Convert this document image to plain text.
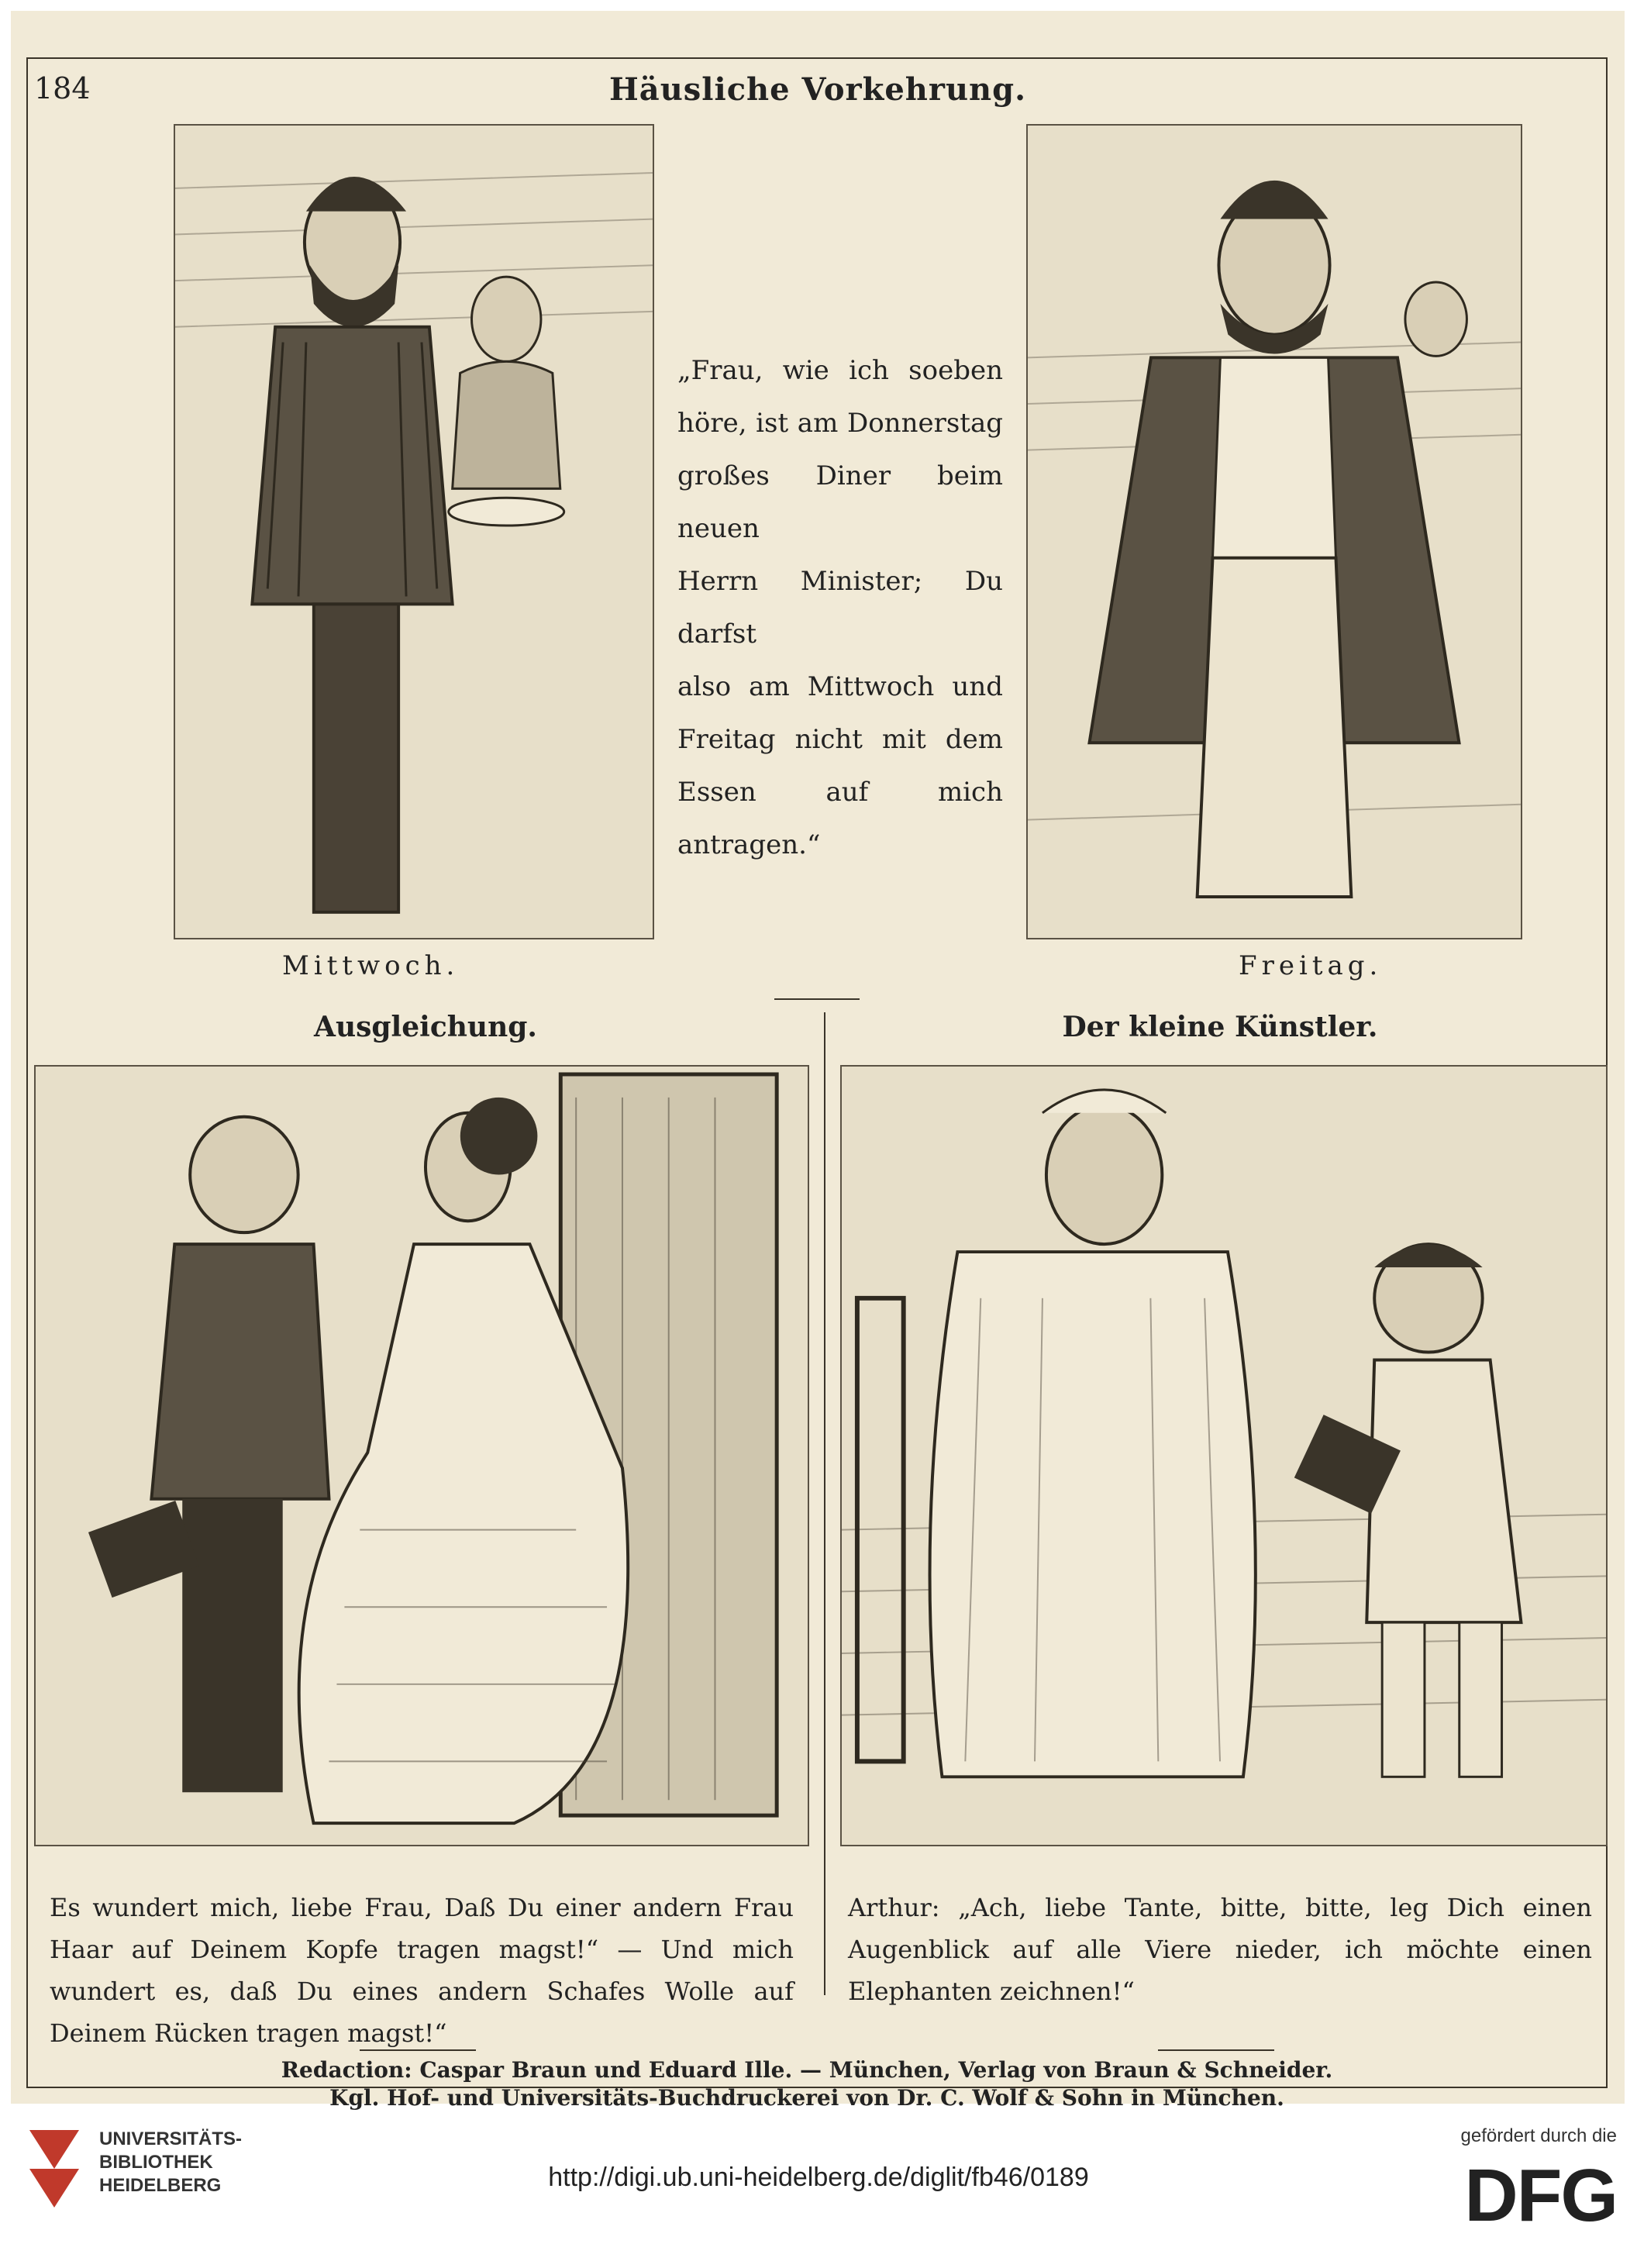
184	Häusliche Vorkehrung.
Mittwoch.
„Frau, wie ich soeben
höre, ist am Donnerstag
großes Diner beim neuen
Herrn Minister; Du darfst
also am Mittwoch und
Freitag nicht mit dem
Essen auf mich antragen.“
Freitag.
Ausgleichung.	Der kleine Künstler.
Es wundert mich, liebe Frau, Daß Du einer andern Frau Haar auf Deinem Kopfe tragen magst!“ — Und mich wundert es, daß Du eines andern Schafes Wolle auf Deinem Rücken tragen magst!“
Arthur: „Ach, liebe Tante, bitte, bitte, leg Dich einen Augenblick auf alle Viere nieder, ich möchte einen Elephanten zeichnen!“
Redaction: Caspar Braun und Eduard Ille. — München, Verlag von Braun & Schneider.
Kgl. Hof- und Universitäts-Buchdruckerei von Dr. C. Wolf & Sohn in München.
UNIVERSITÄTS-
BIBLIOTHEK
HEIDELBERG	http://digi.ub.uni-heidelberg.de/diglit/fb46/0189
gefördert durch die
DFG
